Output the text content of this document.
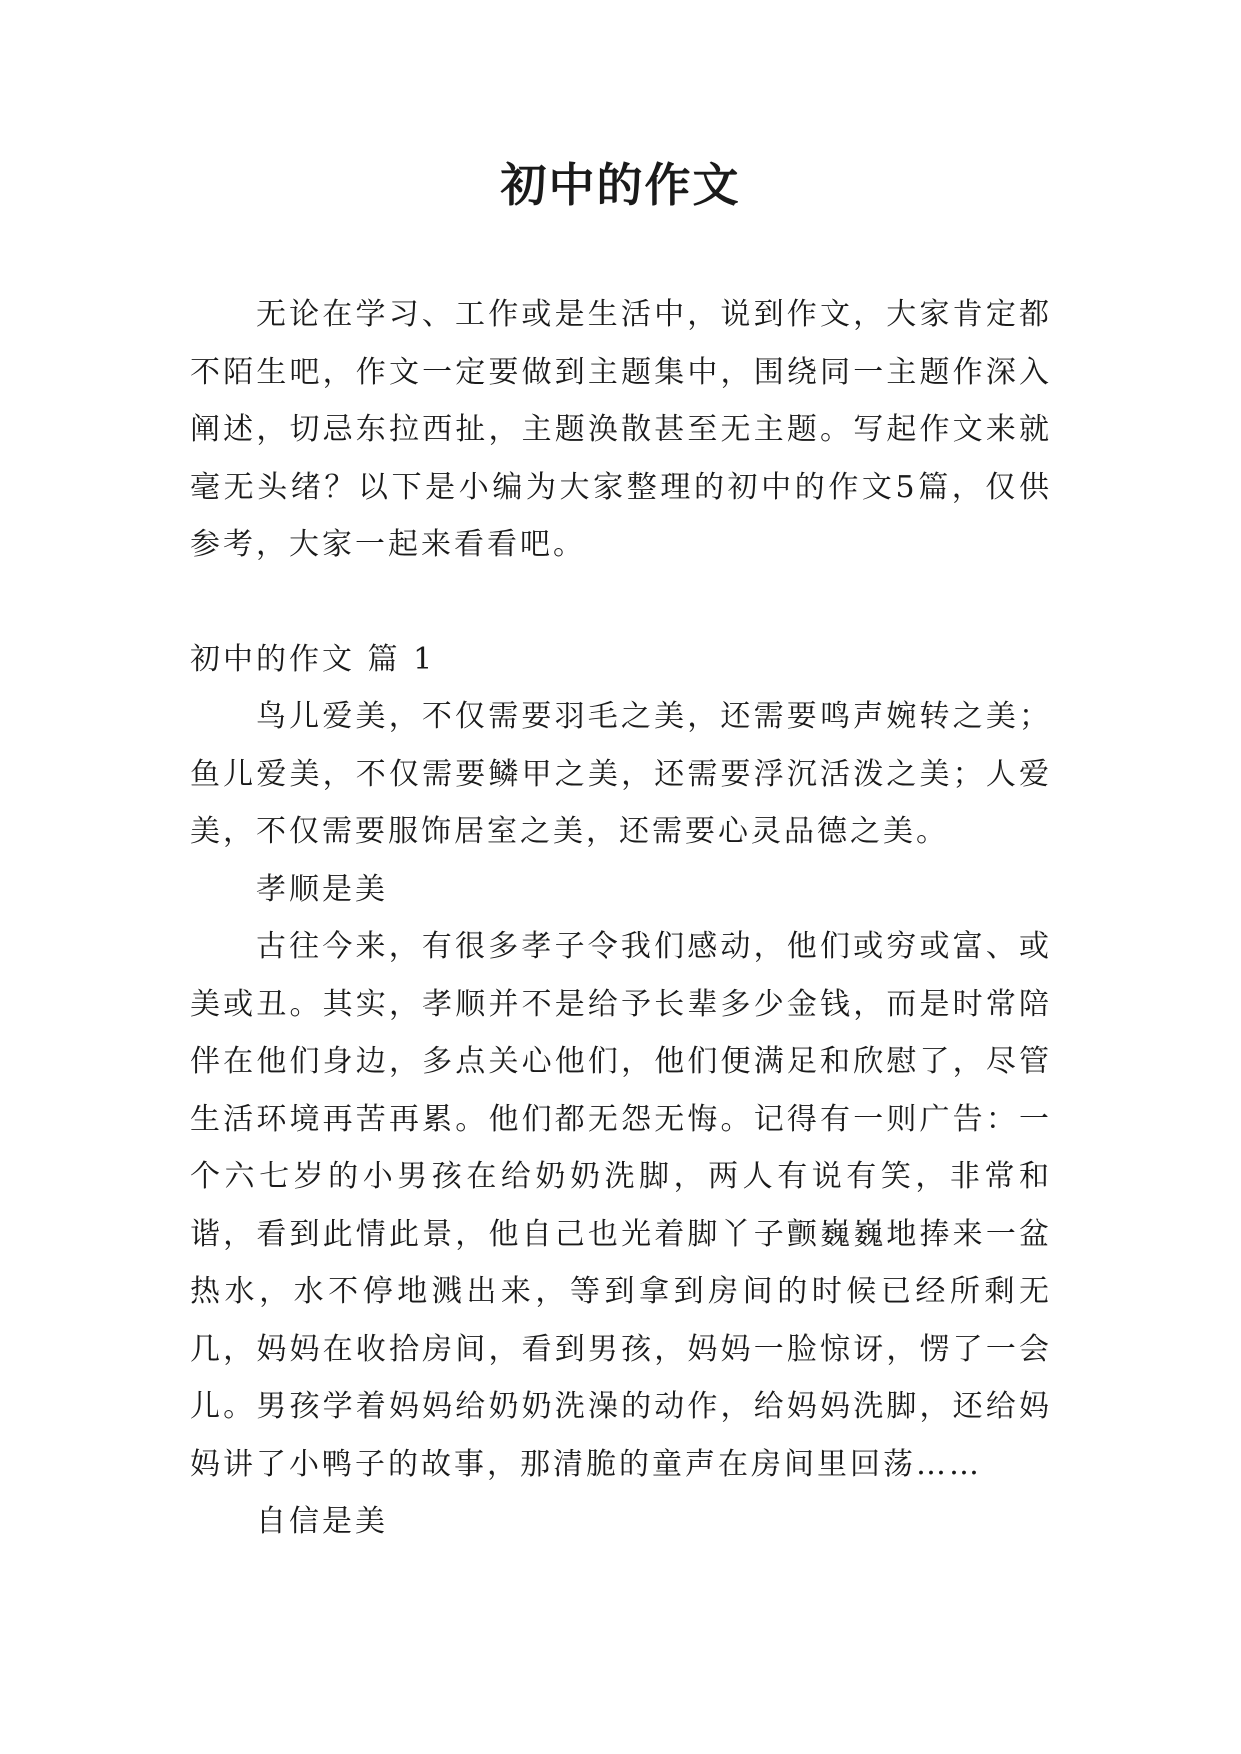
初中的作文

无论在学习、工作或是生活中，说到作文，大家肯定都不陌生吧，作文一定要做到主题集中，围绕同一主题作深入阐述，切忌东拉西扯，主题涣散甚至无主题。写起作文来就毫无头绪？以下是小编为大家整理的初中的作文5篇，仅供参考，大家一起来看看吧。

初中的作文 篇 1

鸟儿爱美，不仅需要羽毛之美，还需要鸣声婉转之美；鱼儿爱美，不仅需要鳞甲之美，还需要浮沉活泼之美；人爱美，不仅需要服饰居室之美，还需要心灵品德之美。

孝顺是美

古往今来，有很多孝子令我们感动，他们或穷或富、或美或丑。其实，孝顺并不是给予长辈多少金钱，而是时常陪伴在他们身边，多点关心他们，他们便满足和欣慰了，尽管生活环境再苦再累。他们都无怨无悔。记得有一则广告：一个六七岁的小男孩在给奶奶洗脚，两人有说有笑，非常和谐，看到此情此景，他自己也光着脚丫子颤巍巍地捧来一盆热水，水不停地溅出来，等到拿到房间的时候已经所剩无几，妈妈在收拾房间，看到男孩，妈妈一脸惊讶，愣了一会儿。男孩学着妈妈给奶奶洗澡的动作，给妈妈洗脚，还给妈妈讲了小鸭子的故事，那清脆的童声在房间里回荡……

自信是美
